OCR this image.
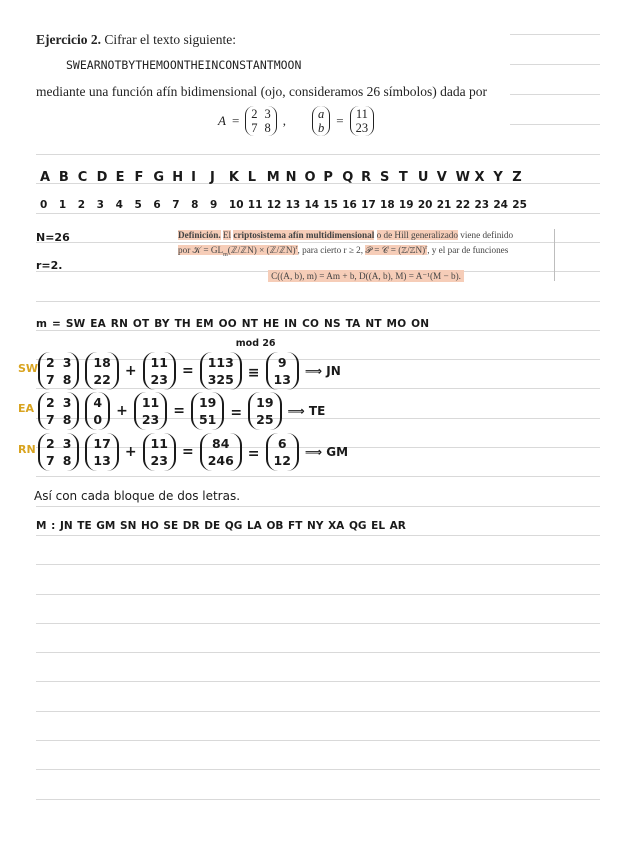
Ejercicio 2. Cifrar el texto siguiente:
SWEARNOTBYTHEMOONTHEINCONSTANTMOON
mediante una función afín bidimensional (ojo, consideramos 26 símbolos) dada por
A = 2 3
7 8 ,	a
b = 11
23
A B C D E F G H I J K L M N O P Q R S T U V W X Y Z
0 1 2 3 4 5 6 7 8 9 10 11 12 13 14 15 16 17 18 19 20 21 22 23 24 25
N=26
r=2.
Definición. El criptosistema afín multidimensional o de Hill generalizado viene definido
por 𝒦 = $GL_m(ℤ/ℤN)$ × (ℤ/ℤN)$^r$, para cierto r ≥ 2, 𝒫 = 𝒞 = (ℤ/ℤN)$^r$, y el par de funciones
C((A, b), m) = Am + b, D((A, b), M) = A⁻¹(M − b).
m = SW EA RN OT BY TH EM OO NT HE IN CO NS TA NT MO ON
SW 2 3
7 8
18
22
+
11
23
=
113
325 ≡
mod 26
9
13
⟹ JN
EA 2 3
7 8
4
0
+
11
23
=
19
51 =
19
25
⟹ TE
RN 2 3
7 8
17
13
+
11
23
=
84
246 =
6
12
⟹ GM
Así con cada bloque de dos letras.
M : JN TE GM SN HO SE DR DE QG LA OB FT NY XA QG EL AR
